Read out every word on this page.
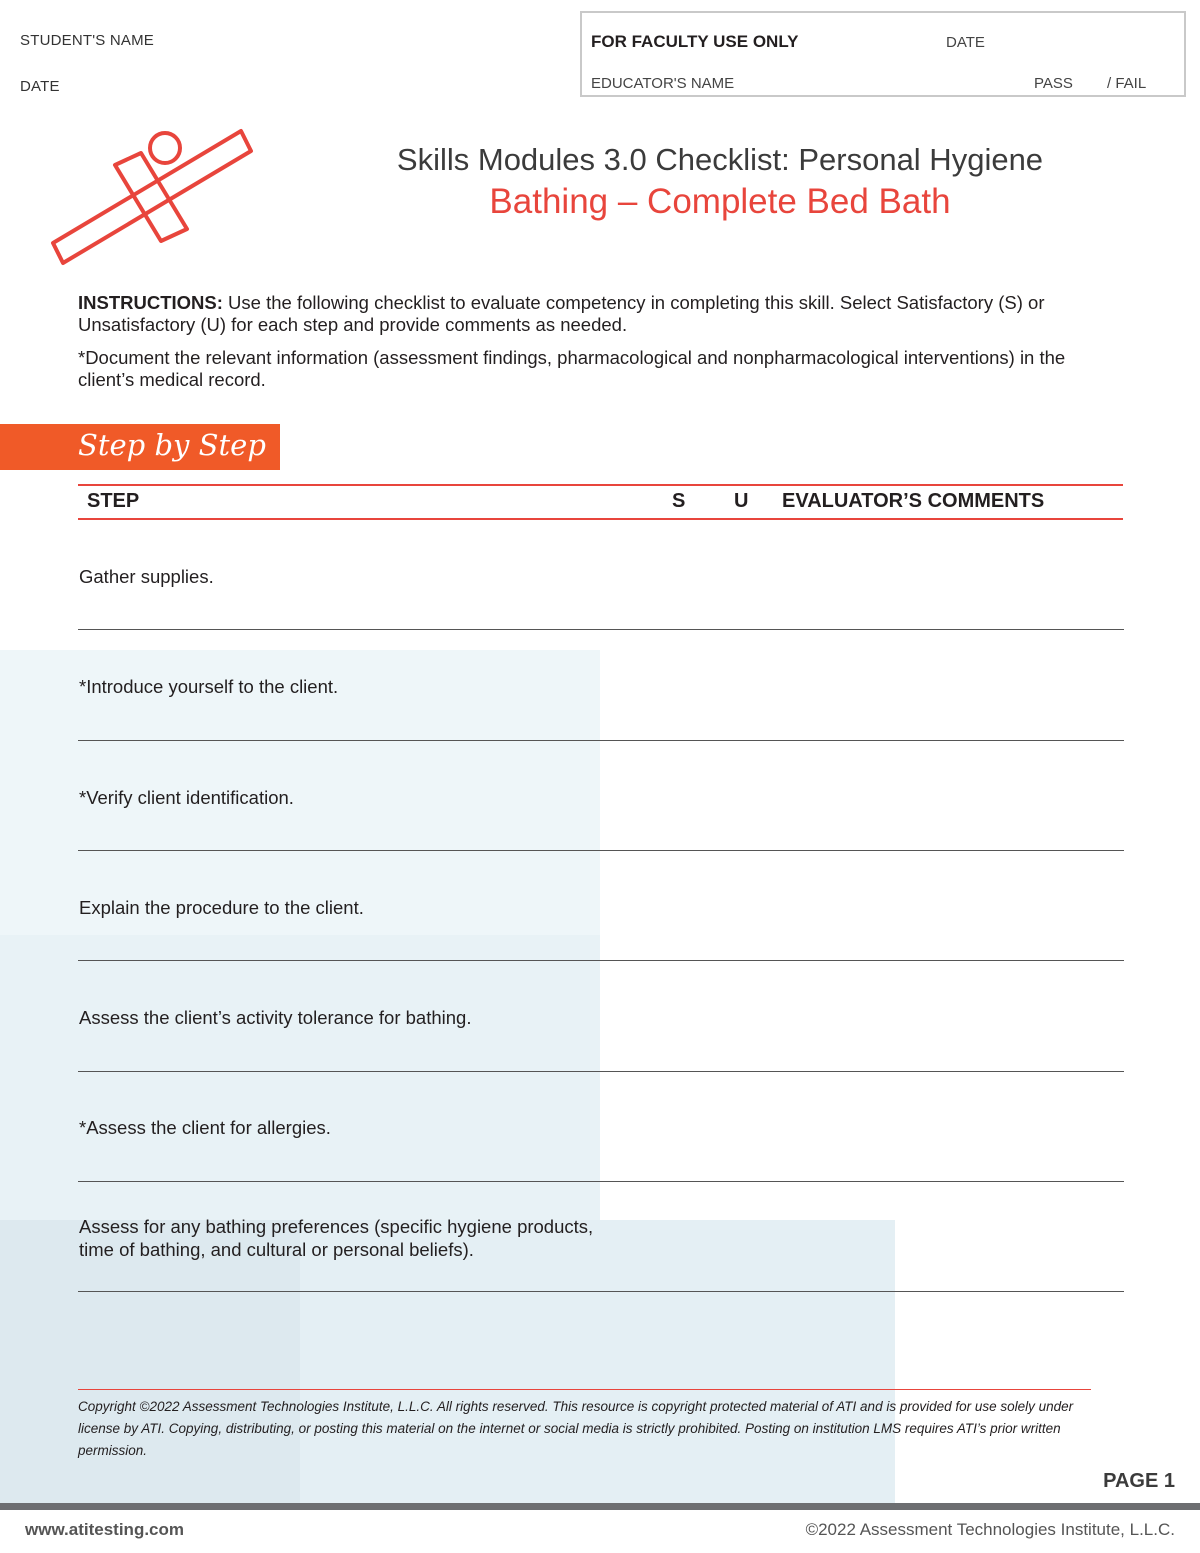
STUDENT'S NAME
DATE
FOR FACULTY USE ONLY	DATE
EDUCATOR'S NAME	PASS / FAIL
Skills Modules 3.0 Checklist: Personal Hygiene
Bathing – Complete Bed Bath

INSTRUCTIONS: Use the following checklist to evaluate competency in completing this skill. Select Satisfactory (S) or Unsatisfactory (U) for each step and provide comments as needed.

*Document the relevant information (assessment findings, pharmacological and nonpharmacological interventions) in the client’s medical record.

Step by Step
STEP	S U EVALUATOR’S COMMENTS
Gather supplies.
*Introduce yourself to the client.
*Verify client identification.
Explain the procedure to the client.
Assess the client’s activity tolerance for bathing.
*Assess the client for allergies.
Assess for any bathing preferences (specific hygiene products, time of bathing, and cultural or personal beliefs).
Copyright ©2022 Assessment Technologies Institute, L.L.C. All rights reserved. This resource is copyright protected material of ATI and is provided for use solely under license by ATI. Copying, distributing, or posting this material on the internet or social media is strictly prohibited. Posting on institution LMS requires ATI’s prior written permission.
PAGE 1
www.atitesting.com	©2022 Assessment Technologies Institute, L.L.C.
